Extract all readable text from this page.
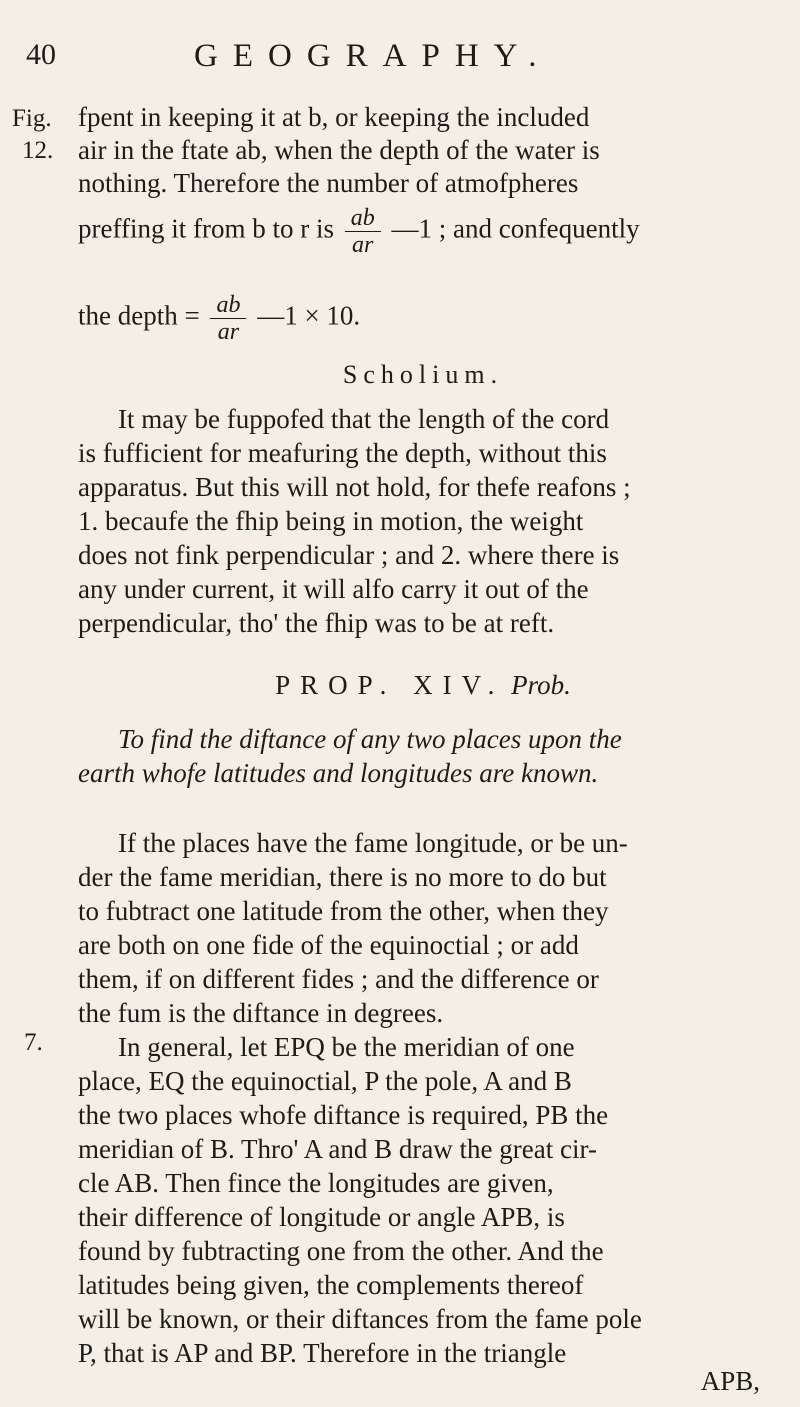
40	GEOGRAPHY.
Fig.
12.
7.
fpent in keeping it at b, or keeping the included
air in the ftate ab, when the depth of the water is
nothing. Therefore the number of atmofpheres
preffing it from b to r is $\frac{ab}{ar}$ —1 ; and confequently
the depth = $\frac{ab}{ar}$ —1 × 10.
Scholium.
It may be fuppofed that the length of the cord
is fufficient for meafuring the depth, without this
apparatus. But this will not hold, for thefe reafons ;
1. becaufe the fhip being in motion, the weight
does not fink perpendicular ; and 2. where there is
any under current, it will alfo carry it out of the
perpendicular, tho' the fhip was to be at reft.
PROP. XIV. Prob.
To find the diftance of any two places upon the
earth whofe latitudes and longitudes are known.
If the places have the fame longitude, or be un-
der the fame meridian, there is no more to do but
to fubtract one latitude from the other, when they
are both on one fide of the equinoctial ; or add
them, if on different fides ; and the difference or
the fum is the diftance in degrees.
In general, let EPQ be the meridian of one
place, EQ the equinoctial, P the pole, A and B
the two places whofe diftance is required, PB the
meridian of B. Thro' A and B draw the great cir-
cle AB. Then fince the longitudes are given,
their difference of longitude or angle APB, is
found by fubtracting one from the other. And the
latitudes being given, the complements thereof
will be known, or their diftances from the fame pole
P, that is AP and BP. Therefore in the triangle
APB,
